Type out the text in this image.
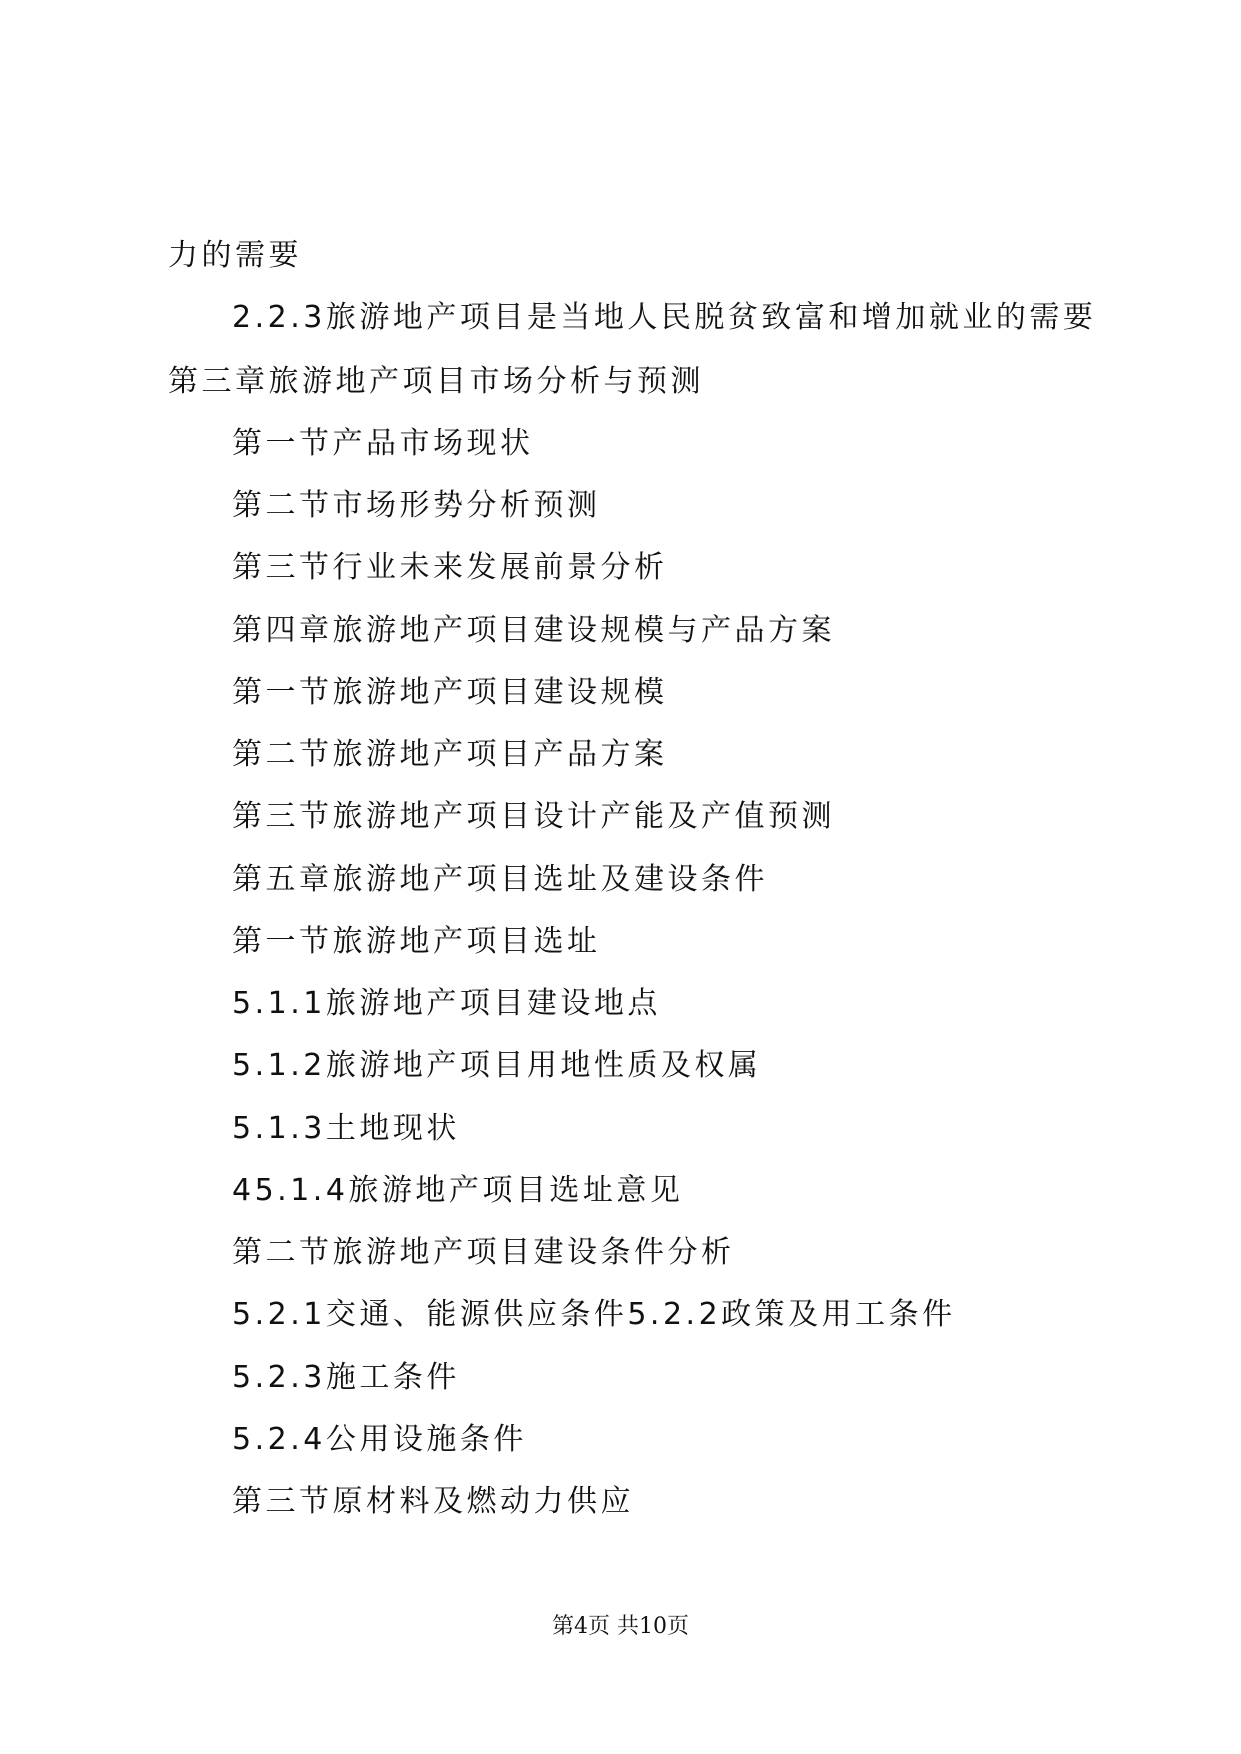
力的需要
2.2.3旅游地产项目是当地人民脱贫致富和增加就业的需要
第三章旅游地产项目市场分析与预测
第一节产品市场现状
第二节市场形势分析预测
第三节行业未来发展前景分析
第四章旅游地产项目建设规模与产品方案
第一节旅游地产项目建设规模
第二节旅游地产项目产品方案
第三节旅游地产项目设计产能及产值预测
第五章旅游地产项目选址及建设条件
第一节旅游地产项目选址
5.1.1旅游地产项目建设地点
5.1.2旅游地产项目用地性质及权属
5.1.3土地现状
45.1.4旅游地产项目选址意见
第二节旅游地产项目建设条件分析
5.2.1交通、能源供应条件5.2.2政策及用工条件
5.2.3施工条件
5.2.4公用设施条件
第三节原材料及燃动力供应
第4页 共10页
